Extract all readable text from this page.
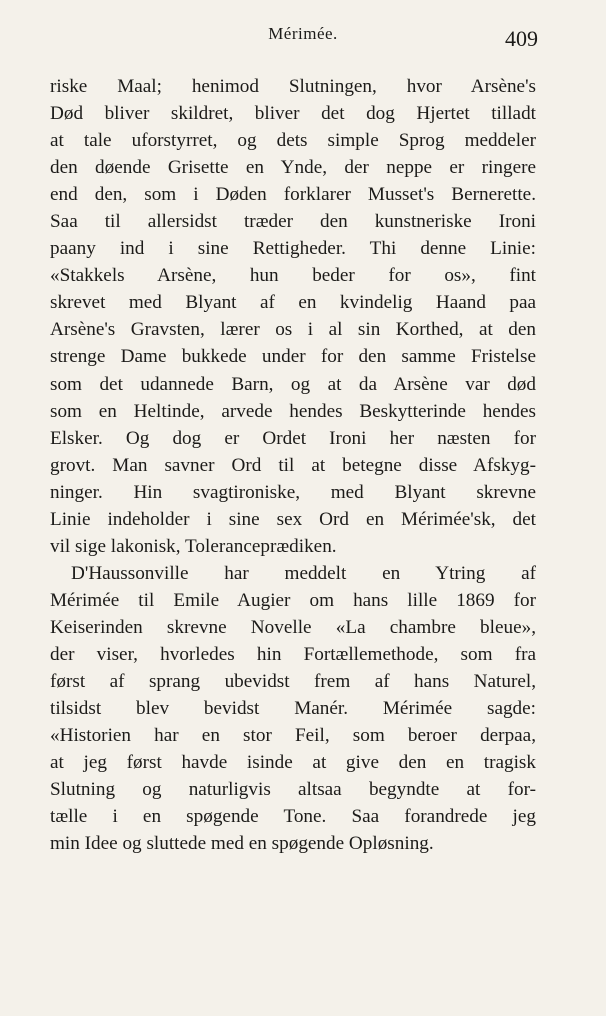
Mérimée.	409
riske Maal; henimod Slutningen, hvor Arsène's
Død bliver skildret, bliver det dog Hjertet tilladt
at tale uforstyrret, og dets simple Sprog meddeler
den døende Grisette en Ynde, der neppe er ringere
end den, som i Døden forklarer Musset's Bernerette.
Saa til allersidst træder den kunstneriske Ironi
paany ind i sine Rettigheder. Thi denne Linie:
«Stakkels Arsène, hun beder for os», fint
skrevet med Blyant af en kvindelig Haand paa
Arsène's Gravsten, lærer os i al sin Korthed, at den
strenge Dame bukkede under for den samme Fristelse
som det udannede Barn, og at da Arsène var død
som en Heltinde, arvede hendes Beskytterinde hendes
Elsker. Og dog er Ordet Ironi her næsten for
grovt. Man savner Ord til at betegne disse Afskyg-
ninger. Hin svagtironiske, med Blyant skrevne
Linie indeholder i sine sex Ord en Mérimée'sk, det
vil sige lakonisk, Toleranceprædiken.
D'Haussonville har meddelt en Ytring af
Mérimée til Emile Augier om hans lille 1869 for
Keiserinden skrevne Novelle «La chambre bleue»,
der viser, hvorledes hin Fortællemethode, som fra
først af sprang ubevidst frem af hans Naturel,
tilsidst blev bevidst Manér. Mérimée sagde:
«Historien har en stor Feil, som beroer derpaa,
at jeg først havde isinde at give den en tragisk
Slutning og naturligvis altsaa begyndte at for-
tælle i en spøgende Tone. Saa forandrede jeg
min Idee og sluttede med en spøgende Opløsning.
